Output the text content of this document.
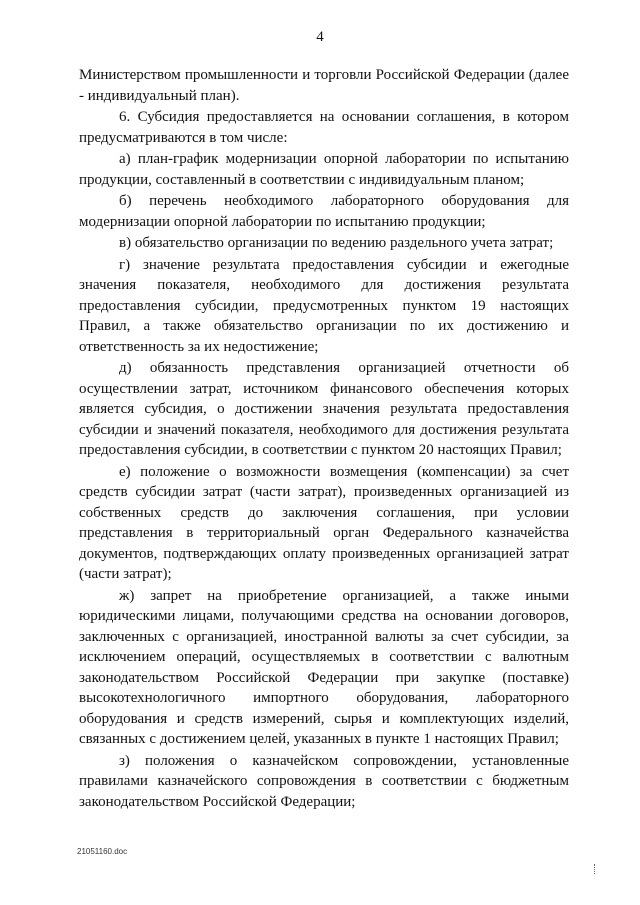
4

Министерством промышленности и торговли Российской Федерации (далее - индивидуальный план).

6. Субсидия предоставляется на основании соглашения, в котором предусматриваются в том числе:

а) план-график модернизации опорной лаборатории по испытанию продукции, составленный в соответствии с индивидуальным планом;

б) перечень необходимого лабораторного оборудования для модернизации опорной лаборатории по испытанию продукции;

в) обязательство организации по ведению раздельного учета затрат;

г) значение результата предоставления субсидии и ежегодные значения показателя, необходимого для достижения результата предоставления субсидии, предусмотренных пунктом 19 настоящих Правил, а также обязательство организации по их достижению и ответственность за их недостижение;

д) обязанность представления организацией отчетности об осуществлении затрат, источником финансового обеспечения которых является субсидия, о достижении значения результата предоставления субсидии и значений показателя, необходимого для достижения результата предоставления субсидии, в соответствии с пунктом 20 настоящих Правил;

е) положение о возможности возмещения (компенсации) за счет средств субсидии затрат (части затрат), произведенных организацией из собственных средств до заключения соглашения, при условии представления в территориальный орган Федерального казначейства документов, подтверждающих оплату произведенных организацией затрат (части затрат);

ж) запрет на приобретение организацией, а также иными юридическими лицами, получающими средства на основании договоров, заключенных с организацией, иностранной валюты за счет субсидии, за исключением операций, осуществляемых в соответствии с валютным законодательством Российской Федерации при закупке (поставке) высокотехнологичного импортного оборудования, лабораторного оборудования и средств измерений, сырья и комплектующих изделий, связанных с достижением целей, указанных в пункте 1 настоящих Правил;

з) положения о казначейском сопровождении, установленные правилами казначейского сопровождения в соответствии с бюджетным законодательством Российской Федерации;

21051160.doc
